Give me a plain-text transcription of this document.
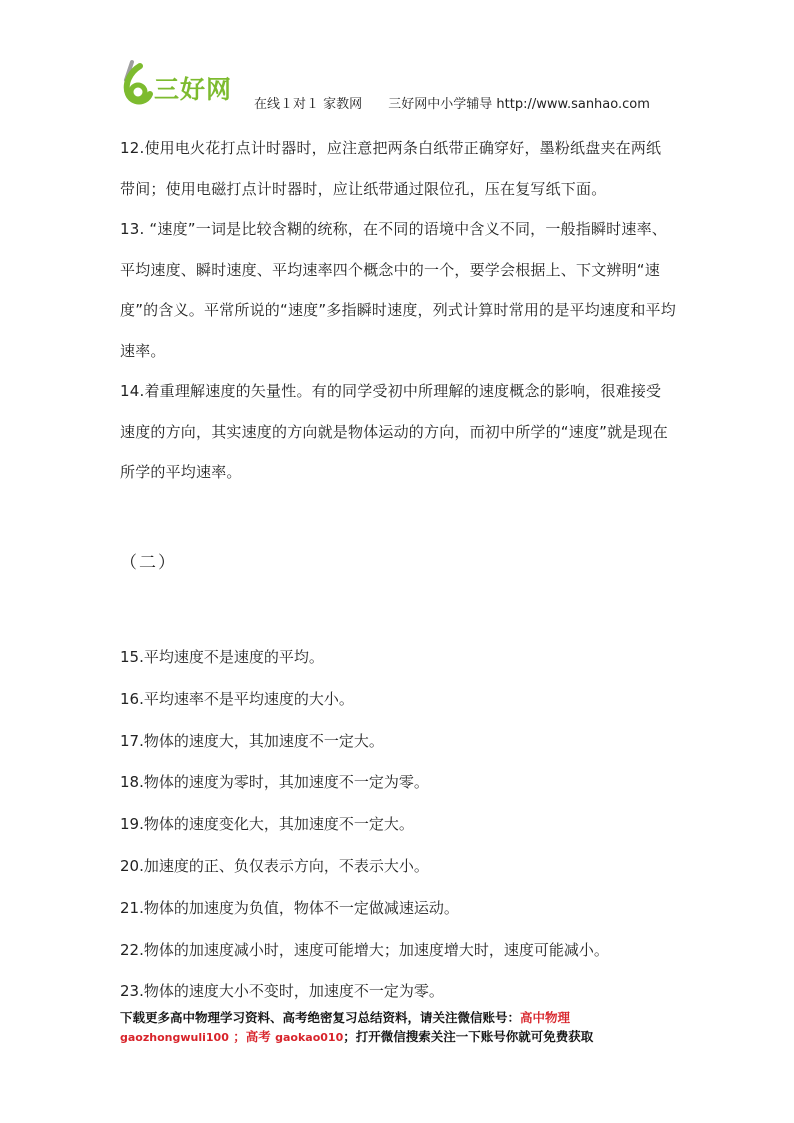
三好网
在线１对１ 家教网 三好网中小学辅导 http://www.sanhao.com

12.使用电火花打点计时器时，应注意把两条白纸带正确穿好，墨粉纸盘夹在两纸带间；使用电磁打点计时器时，应让纸带通过限位孔，压在复写纸下面。

13. “速度”一词是比较含糊的统称，在不同的语境中含义不同，一般指瞬时速率、平均速度、瞬时速度、平均速率四个概念中的一个，要学会根据上、下文辨明“速度”的含义。平常所说的“速度”多指瞬时速度，列式计算时常用的是平均速度和平均速率。

14.着重理解速度的矢量性。有的同学受初中所理解的速度概念的影响，很难接受速度的方向，其实速度的方向就是物体运动的方向，而初中所学的“速度”就是现在所学的平均速率。

（二）
15.平均速度不是速度的平均。
16.平均速率不是平均速度的大小。
17.物体的速度大，其加速度不一定大。
18.物体的速度为零时，其加速度不一定为零。
19.物体的速度变化大，其加速度不一定大。
20.加速度的正、负仅表示方向，不表示大小。
21.物体的加速度为负值，物体不一定做减速运动。
22.物体的加速度减小时，速度可能增大；加速度增大时，速度可能减小。
23.物体的速度大小不变时，加速度不一定为零。
下载更多高中物理学习资料、高考绝密复习总结资料，请关注微信账号：高中物理 gaozhongwuli100 ；高考 gaokao010；打开微信搜索关注一下账号你就可免费获取
